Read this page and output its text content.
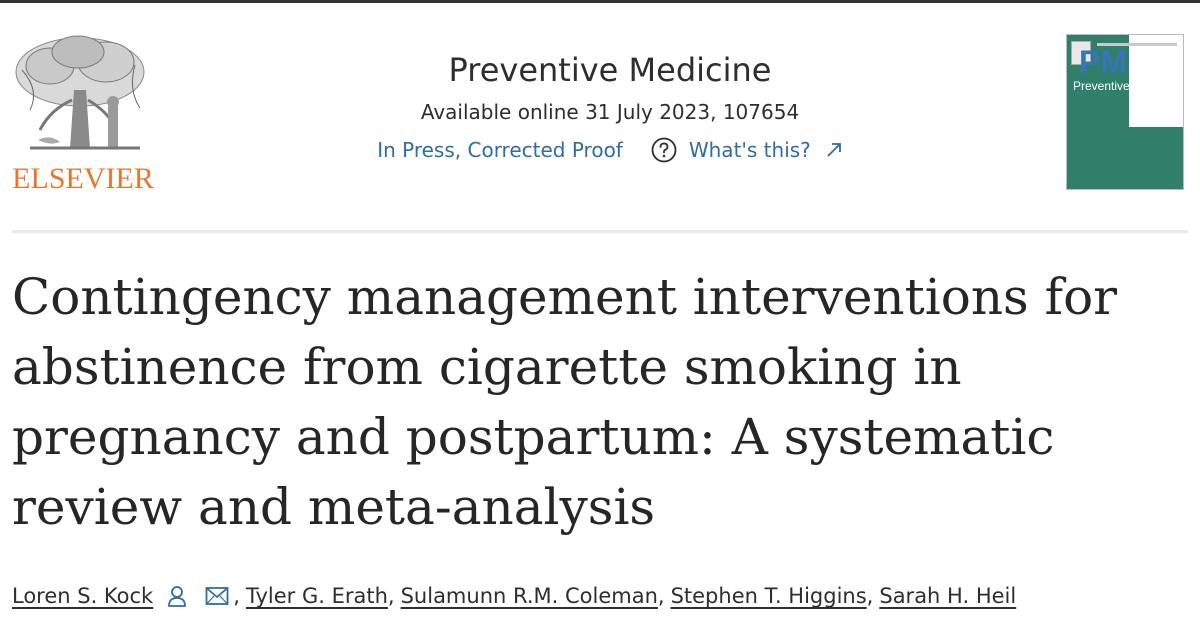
ELSEVIER
Preventive Medicine
Available online 31 July 2023, 107654
In Press, Corrected Proof	What's this?
PM
Preventive Medicine
Contingency management interventions for abstinence from cigarette smoking in pregnancy and postpartum: A systematic review and meta-analysis
Loren S. Kock	, Tyler G. Erath , Sulamunn R.M. Coleman , Stephen T. Higgins , Sarah H. Heil
